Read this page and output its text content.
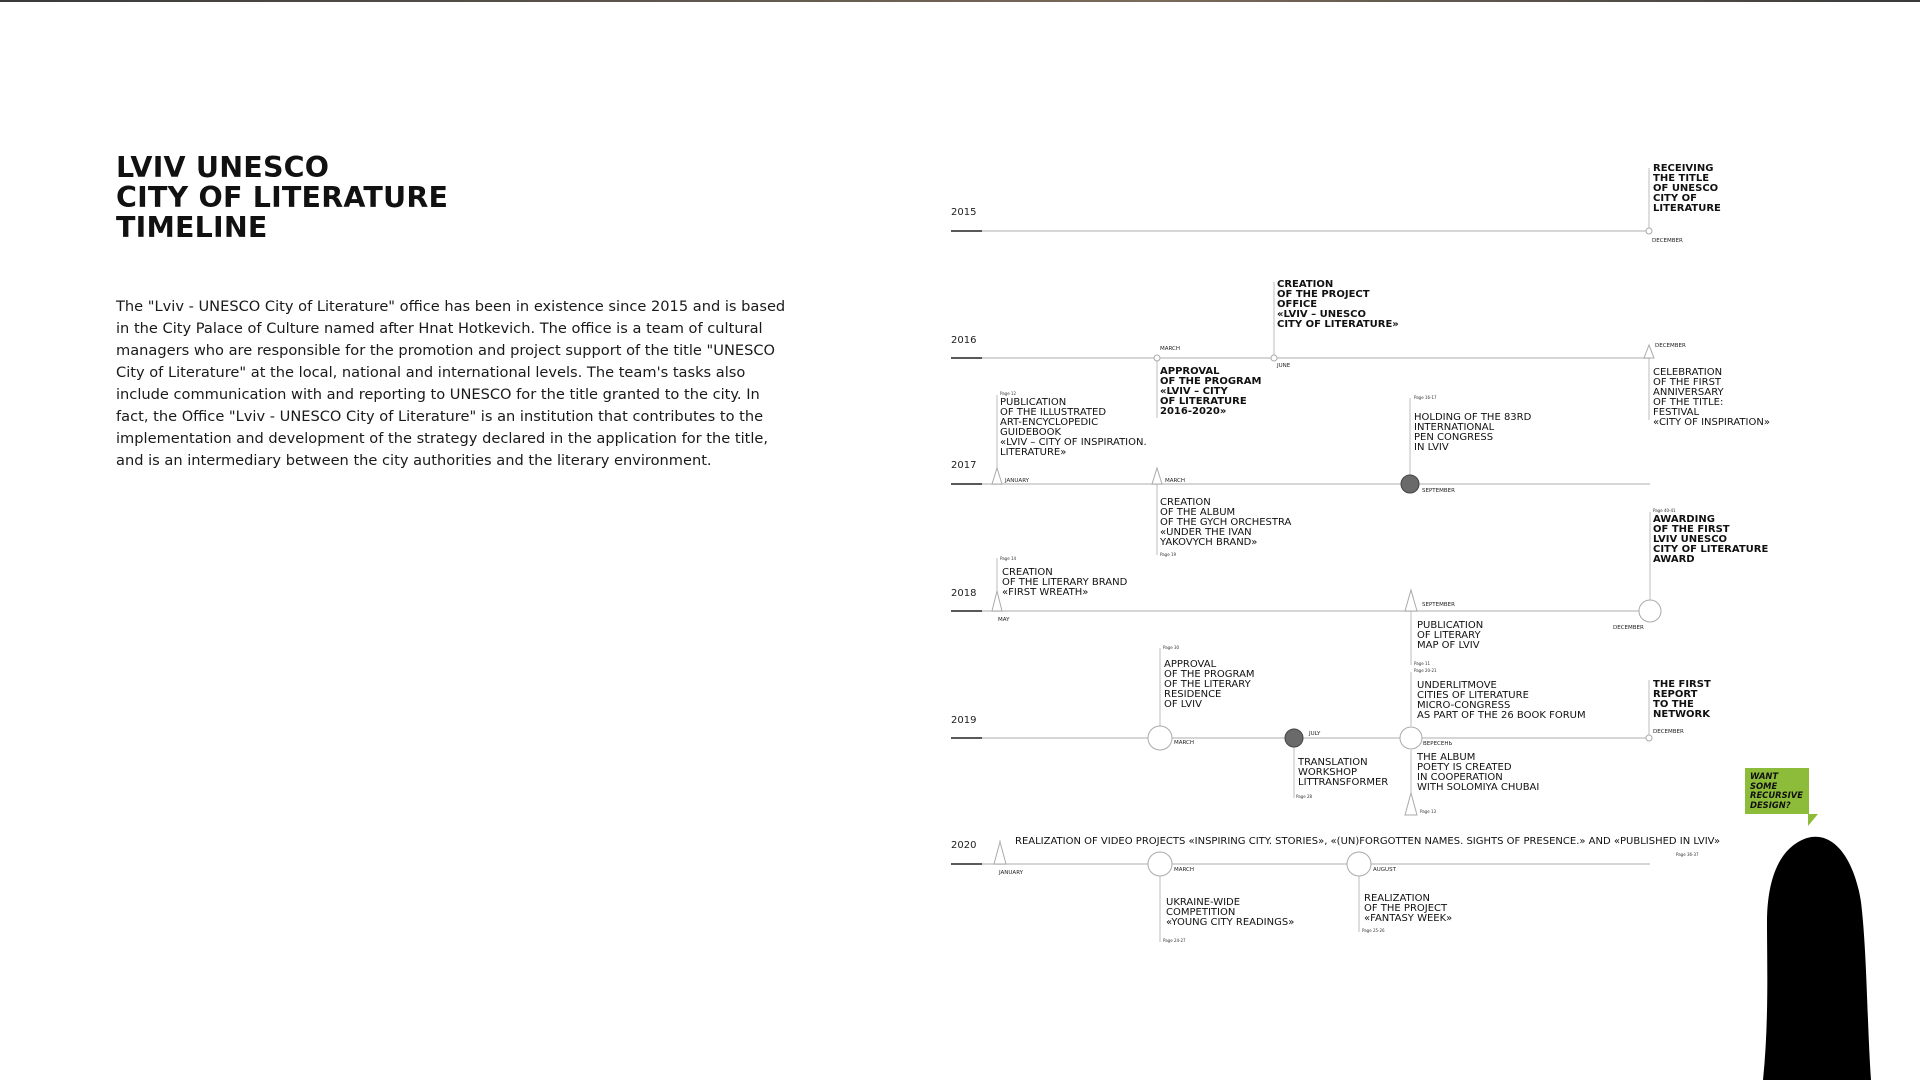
LVIV UNESCO
CITY OF LITERATURE
TIMELINE

The "Lviv - UNESCO City of Literature" office has been in existence since 2015 and is based in the City Palace of Culture named after Hnat Hotkevich. The office is a team of cultural managers who are responsible for the promotion and project support of the title "UNESCO City of Literature" at the local, national and international levels. The team's tasks also include communication with and reporting to UNESCO for the title granted to the city. In fact, the Office "Lviv - UNESCO City of Literature" is an institution that contributes to the implementation and development of the strategy declared in the application for the title, and is an intermediary between the city authorities and the literary environment.

2015
2016
2017
2018
2019
2020
RECEIVING THE TITLE OF UNESCO CITY OF LITERATURE
DECEMBER
CREATION OF THE PROJECT OFFICE «LVIV – UNESCO CITY OF LITERATURE»
JUNE
MARCH
APPROVAL OF THE PROGRAM «LVIV – CITY OF LITERATURE 2016-2020»
DECEMBER
CELEBRATION OF THE FIRST ANNIVERSARY OF THE TITLE: FESTIVAL «CITY OF INSPIRATION»
Page 12
PUBLICATION OF THE ILLUSTRATED ART-ENCYCLOPEDIC GUIDEBOOK «LVIV – CITY OF INSPIRATION. LITERATURE»
JANUARY	MARCH
CREATION OF THE ALBUM OF THE GYCH ORCHESTRA «UNDER THE IVAN YAKOVYCH BRAND»
Page 19
Page 16-17
HOLDING OF THE 83RD INTERNATIONAL PEN CONGRESS IN LVIV
SEPTEMBER
Page 14
CREATION OF THE LITERARY BRAND «FIRST WREATH»
MAY
SEPTEMBER
PUBLICATION OF LITERARY MAP OF LVIV
Page 11
Page 40-41
AWARDING OF THE FIRST LVIV UNESCO CITY OF LITERATURE AWARD
DECEMBER
Page 30
APPROVAL OF THE PROGRAM OF THE LITERARY RESIDENCE OF LVIV
MARCH
JULY
TRANSLATION WORKSHOP LITTRANSFORMER
Page 28
Page 20-21
UNDERLITMOVE CITIES OF LITERATURE MICRO-CONGRESS AS PART OF THE 26 BOOK FORUM
ВЕРЕСЕНЬ
THE ALBUM POETY IS CREATED IN COOPERATION WITH SOLOMIYA CHUBAI
Page 13
THE FIRST REPORT TO THE NETWORK
DECEMBER
REALIZATION OF VIDEO PROJECTS «INSPIRING CITY. STORIES», «(UN)FORGOTTEN NAMES. SIGHTS OF PRESENCE.» AND «PUBLISHED IN LVIV»
Page 36-37
JANUARY	MARCH
UKRAINE-WIDE COMPETITION «YOUNG CITY READINGS»
Page 24-27
AUGUST
REALIZATION OF THE PROJECT «FANTASY WEEK»
Page 25-26
WANT SOME RECURSIVE DESIGN?
